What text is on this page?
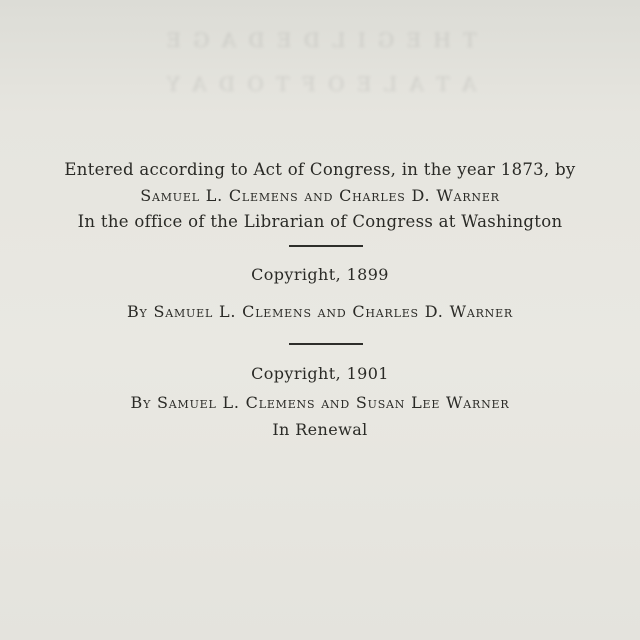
T H E G I L D E D A G E
A T A L E O F T O D A Y
Entered according to Act of Congress, in the year 1873, by
Samuel L. Clemens and Charles D. Warner
In the office of the Librarian of Congress at Washington
Copyright, 1899
By Samuel L. Clemens and Charles D. Warner
Copyright, 1901
By Samuel L. Clemens and Susan Lee Warner
In Renewal
